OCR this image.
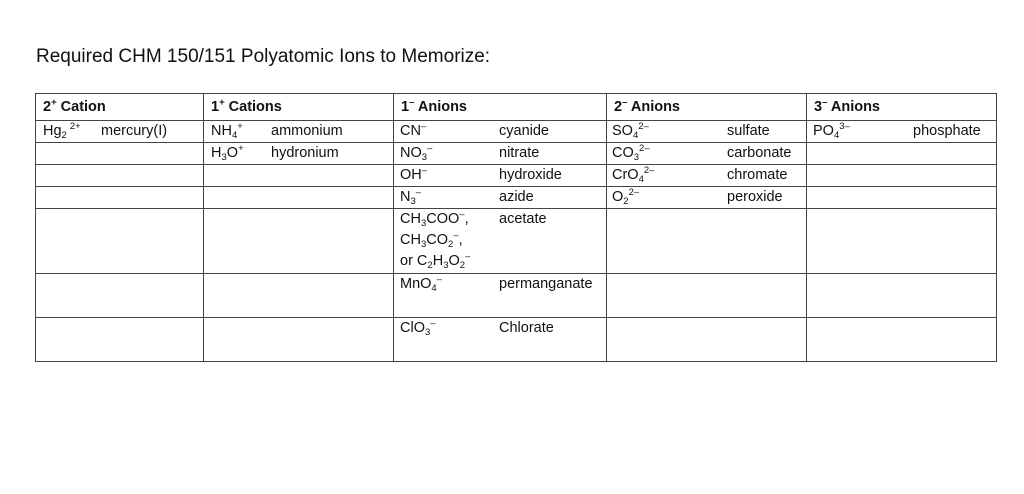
Required CHM 150/151 Polyatomic Ions to Memorize:
2+ Cation	1+ Cations	1– Anions	2– Anions	3– Anions

$Hg_2^{2+}$ mercury(I)	$NH_4^+$ ammonium	CN– cyanide	$SO_4^{2-}$ sulfate	$PO_4^{3-}$ phosphate

	$H_3O^+$ hydronium	$NO_3^-$ nitrate	$CO_3^{2-}$ carbonate	

		OH– hydroxide	CrO$_4^{2-}$ chromate	

		$N_3^-$ azide	$O_2^{2-}$ peroxide	

		$CH_3COO^-$,
$CH_3CO_2^-$,
or $C_2H_3O_2^-$
acetate		

		MnO$_4$– permanganate		

		ClO$_3$– Chlorate		
